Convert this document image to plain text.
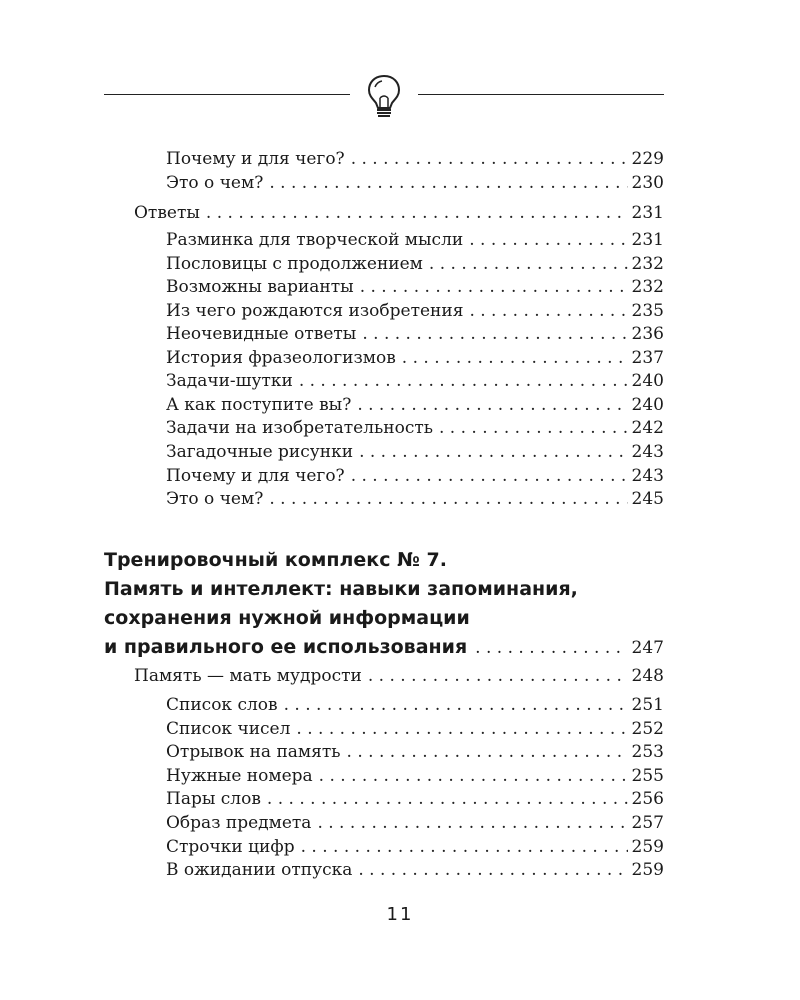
Почему и для чего? . . .	229
Это о чем? . . .	230
Ответы . . .	231
Разминка для творческой мысли . . .	231
Пословицы с продолжением . . .	232
Возможны варианты . . .	232
Из чего рождаются изобретения . . .	235
Неочевидные ответы . . .	236
История фразеологизмов . . .	237
Задачи-шутки . . .	240
А как поступите вы? . . .	240
Задачи на изобретательность . . .	242
Загадочные рисунки . . .	243
Почему и для чего? . . .	243
Это о чем? . . .	245
Тренировочный комплекс № 7.
Память и интеллект: навыки запоминания,
сохранения нужной информации
и правильного ее использования . . .	247
Память — мать мудрости . . .	248
Список слов . . .	251
Список чисел . . .	252
Отрывок на память . . .	253
Нужные номера . . .	255
Пары слов . . .	256
Образ предмета . . .	257
Строчки цифр . . .	259
В ожидании отпуска . . .	259
11
